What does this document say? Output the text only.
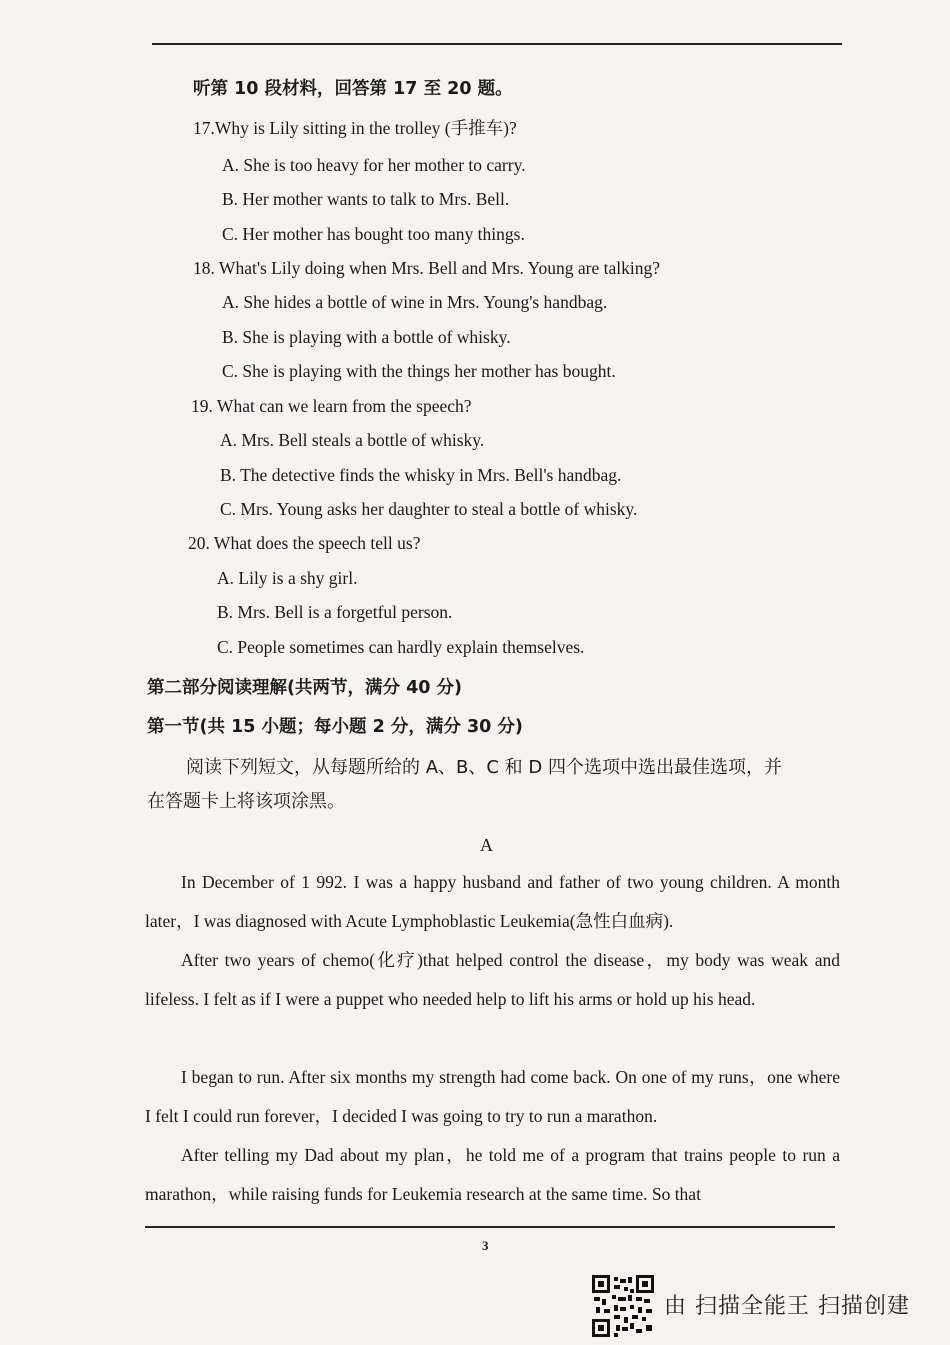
听第 10 段材料，回答第 17 至 20 题。
17.Why is Lily sitting in the trolley (手推车)?
A. She is too heavy for her mother to carry.
B. Her mother wants to talk to Mrs. Bell.
C. Her mother has bought too many things.
18. What's Lily doing when Mrs. Bell and Mrs. Young are talking?
A. She hides a bottle of wine in Mrs. Young's handbag.
B. She is playing with a bottle of whisky.
C. She is playing with the things her mother has bought.
19. What can we learn from the speech?
A. Mrs. Bell steals a bottle of whisky.
B. The detective finds the whisky in Mrs. Bell's handbag.
C. Mrs. Young asks her daughter to steal a bottle of whisky.
20. What does the speech tell us?
A. Lily is a shy girl.
B. Mrs. Bell is a forgetful person.
C. People sometimes can hardly explain themselves.
第二部分阅读理解(共两节，满分 40 分)
第一节(共 15 小题；每小题 2 分，满分 30 分)
阅读下列短文，从每题所给的 A、B、C 和 D 四个选项中选出最佳选项，并
在答题卡上将该项涂黑。
A
In December of 1 992. I was a happy husband and father of two young children. A month later，I was diagnosed with Acute Lymphoblastic Leukemia(急性白血病).
After two years of chemo(化疗)that helped control the disease，my body was weak and lifeless. I felt as if I were a puppet who needed help to lift his arms or hold up his head.
I began to run. After six months my strength had come back. On one of my runs，one where I felt I could run forever，I decided I was going to try to run a marathon.
After telling my Dad about my plan，he told me of a program that trains people to run a marathon，while raising funds for Leukemia research at the same time. So that
3
由 扫描全能王 扫描创建
